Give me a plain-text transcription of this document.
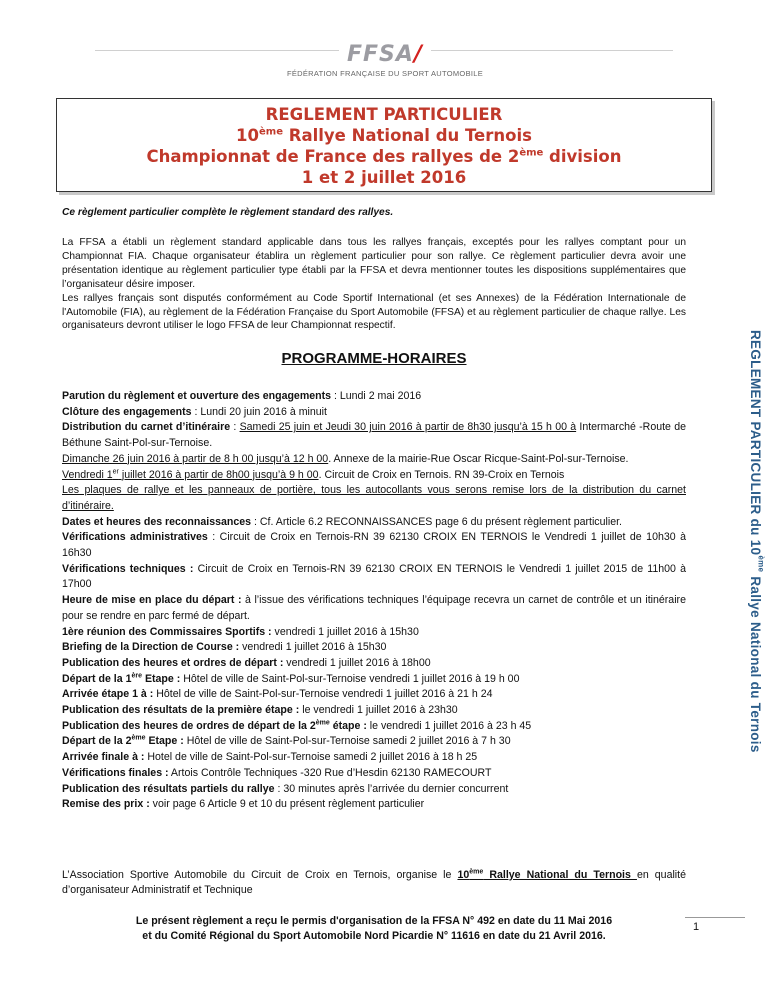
FFSA/
FÉDÉRATION FRANÇAISE DU SPORT AUTOMOBILE
REGLEMENT PARTICULIER
10ème Rallye National du Ternois
Championnat de France des rallyes de 2ème division
1 et 2 juillet 2016
Ce règlement particulier complète le règlement standard des rallyes.

La FFSA a établi un règlement standard applicable dans tous les rallyes français, exceptés pour les rallyes comptant pour un Championnat FIA. Chaque organisateur établira un règlement particulier pour son rallye. Ce règlement particulier devra avoir une présentation identique au règlement particulier type établi par la FFSA et devra mentionner toutes les dispositions supplémentaires que l’organisateur désire imposer.

Les rallyes français sont disputés conformément au Code Sportif International (et ses Annexes) de la Fédération Internationale de l'Automobile (FIA), au règlement de la Fédération Française du Sport Automobile (FFSA) et au règlement particulier de chaque rallye. Les organisateurs devront utiliser le logo FFSA de leur Championnat respectif.

PROGRAMME-HORAIRES

Parution du règlement et ouverture des engagements : Lundi 2 mai 2016

Clôture des engagements : Lundi 20 juin 2016 à minuit

Distribution du carnet d’itinéraire : Samedi 25 juin et Jeudi 30 juin 2016 à partir de 8h30 jusqu’à 15 h 00 à Intermarché -Route de Béthune Saint-Pol-sur-Ternoise.

Dimanche 26 juin 2016 à partir de 8 h 00 jusqu’à 12 h 00. Annexe de la mairie-Rue Oscar Ricque-Saint-Pol-sur-Ternoise.

Vendredi 1er juillet 2016 à partir de 8h00 jusqu’à 9 h 00. Circuit de Croix en Ternois. RN 39-Croix en Ternois

Les plaques de rallye et les panneaux de portière, tous les autocollants vous serons remise lors de la distribution du carnet d’itinéraire.

Dates et heures des reconnaissances : Cf. Article 6.2 RECONNAISSANCES page 6 du présent règlement particulier.

Vérifications administratives : Circuit de Croix en Ternois-RN 39 62130 CROIX EN TERNOIS le Vendredi 1 juillet de 10h30 à 16h30

Vérifications techniques : Circuit de Croix en Ternois-RN 39 62130 CROIX EN TERNOIS le Vendredi 1 juillet 2015 de 11h00 à 17h00

Heure de mise en place du départ : à l’issue des vérifications techniques l’équipage recevra un carnet de contrôle et un itinéraire pour se rendre en parc fermé de départ.

1ère réunion des Commissaires Sportifs : vendredi 1 juillet 2016 à 15h30

Briefing de la Direction de Course : vendredi 1 juillet 2016 à 15h30

Publication des heures et ordres de départ : vendredi 1 juillet 2016 à 18h00

Départ de la 1ère Etape : Hôtel de ville de Saint-Pol-sur-Ternoise vendredi 1 juillet 2016 à 19 h 00

Arrivée étape 1 à : Hôtel de ville de Saint-Pol-sur-Ternoise vendredi 1 juillet 2016 à 21 h 24

Publication des résultats de la première étape : le vendredi 1 juillet 2016 à 23h30

Publication des heures de ordres de départ de la 2ème étape : le vendredi 1 juillet 2016 à 23 h 45

Départ de la 2ème Etape : Hôtel de ville de Saint-Pol-sur-Ternoise samedi 2 juillet 2016 à 7 h 30

Arrivée finale à : Hotel de ville de Saint-Pol-sur-Ternoise samedi 2 juillet 2016 à 18 h 25

Vérifications finales : Artois Contrôle Techniques -320 Rue d’Hesdin 62130 RAMECOURT

Publication des résultats partiels du rallye : 30 minutes après l’arrivée du dernier concurrent

Remise des prix : voir page 6 Article 9 et 10 du présent règlement particulier

L’Association Sportive Automobile du Circuit de Croix en Ternois, organise le 10ème Rallye National du Ternois en qualité d’organisateur Administratif et Technique
Le présent règlement a reçu le permis d'organisation de la FFSA N° 492 en date du 11 Mai 2016
et du Comité Régional du Sport Automobile Nord Picardie N° 11616 en date du 21 Avril 2016.
REGLEMENT PARTICULIER du 10ème Rallye National du Ternois
1
